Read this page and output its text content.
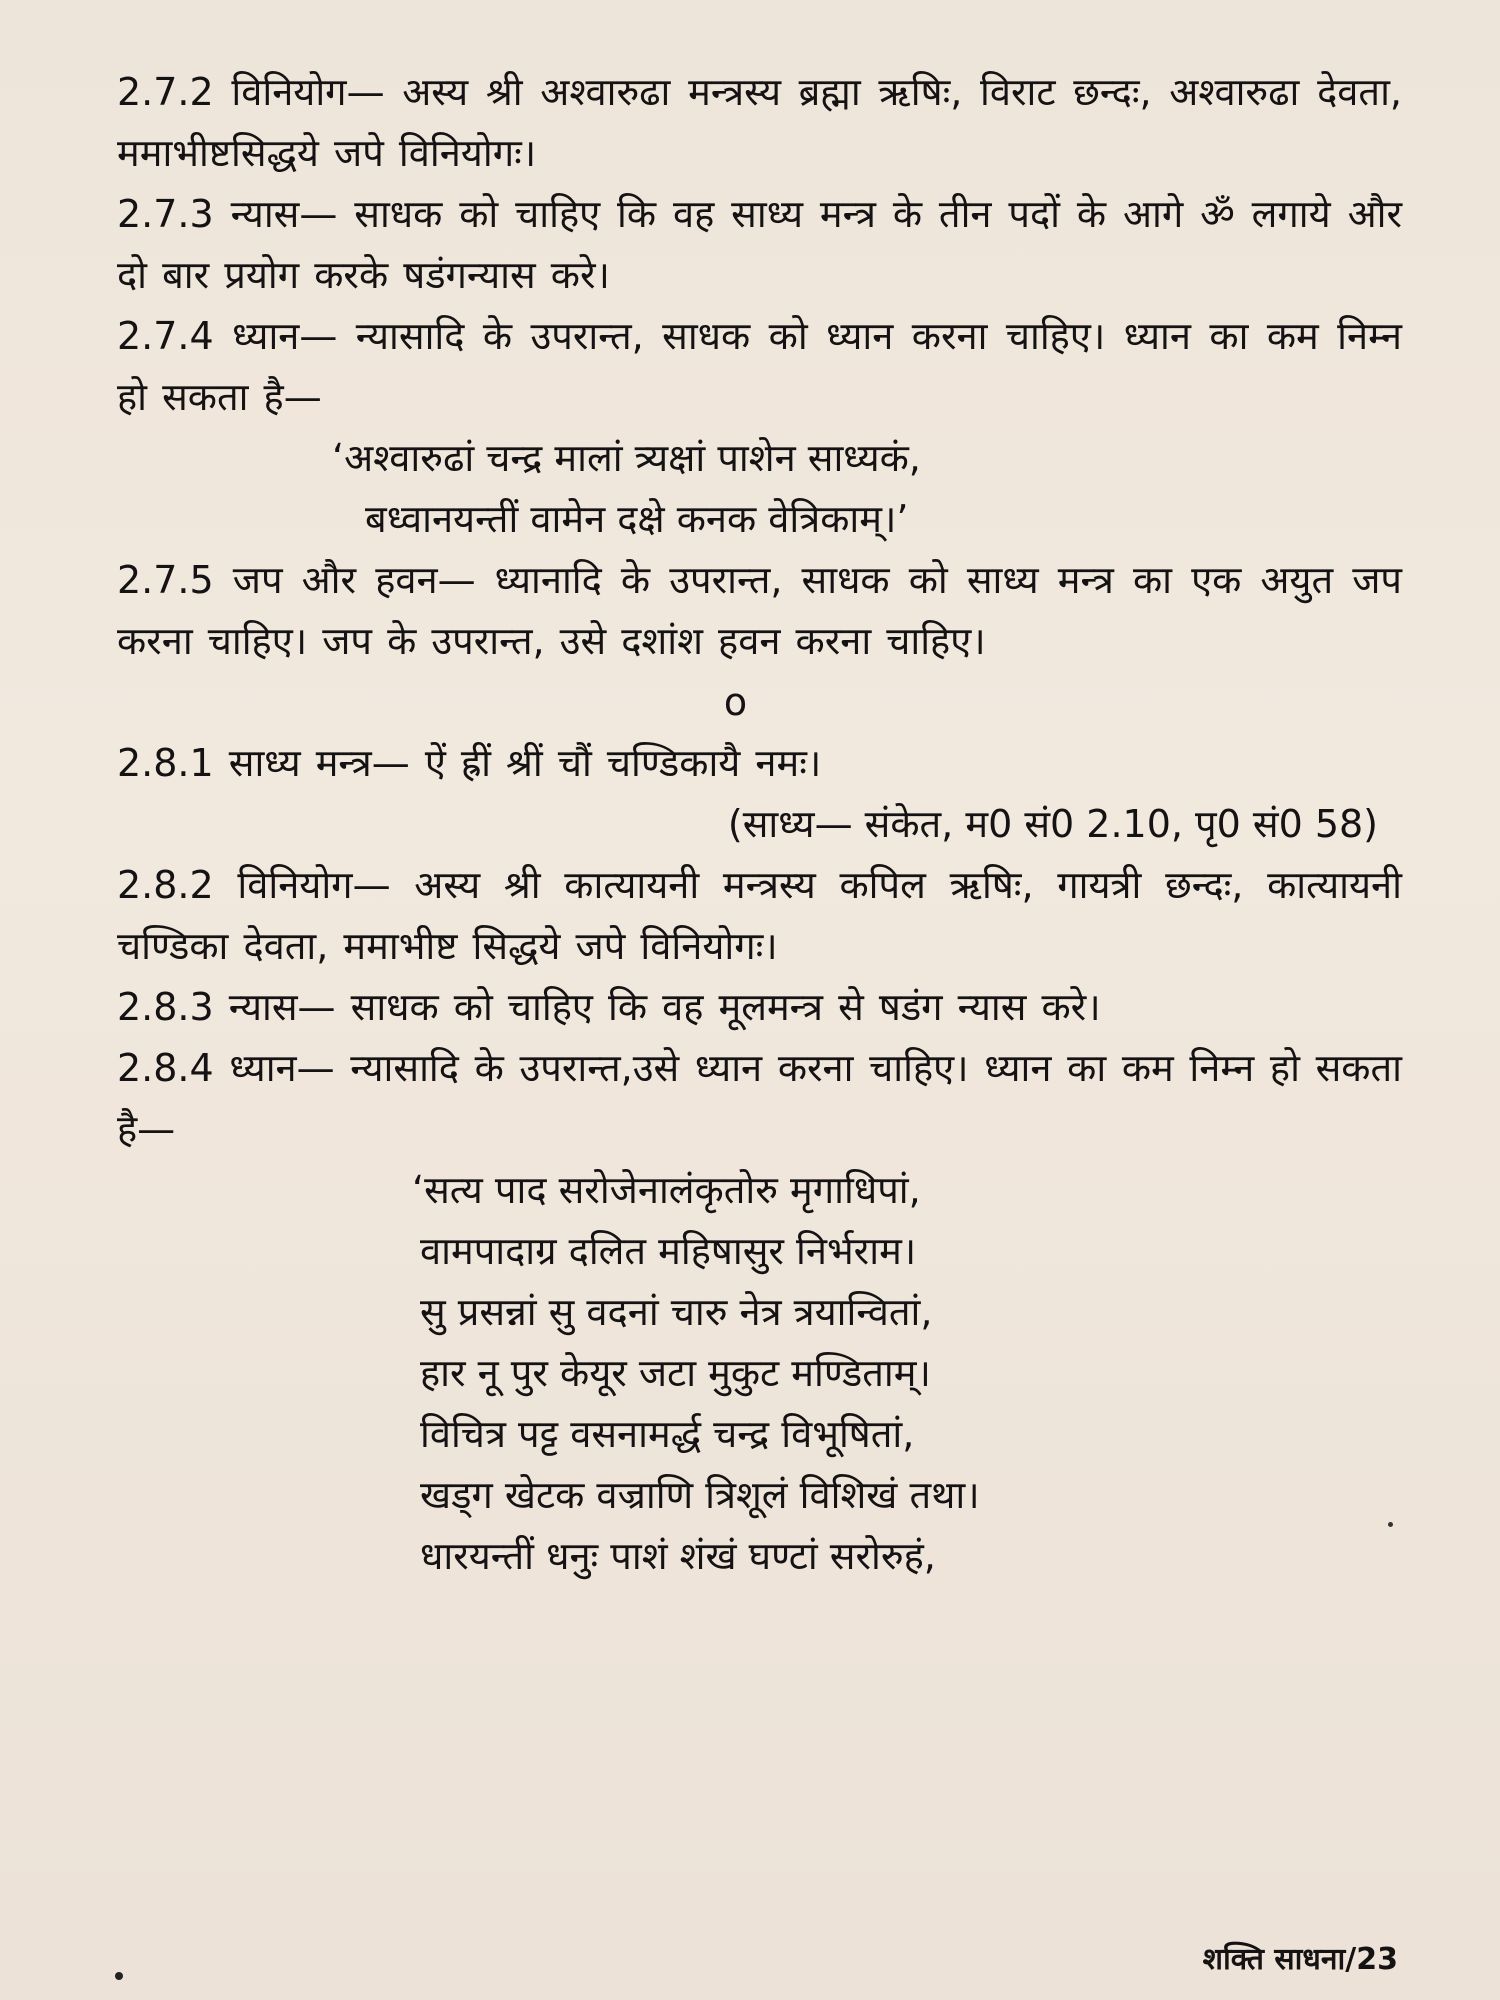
2.7.2 विनियोग— अस्य श्री अश्वारुढा मन्त्रस्य ब्रह्मा ऋषिः, विराट छन्दः, अश्वारुढा देवता, ममाभीष्टसिद्धये जपे विनियोगः।

2.7.3 न्यास— साधक को चाहिए कि वह साध्य मन्त्र के तीन पदों के आगे ॐ लगाये और दो बार प्रयोग करके षडंगन्यास करे।

2.7.4 ध्यान— न्यासादि के उपरान्त, साधक को ध्यान करना चाहिए। ध्यान का कम निम्न हो सकता है—

‘अश्वारुढां चन्द्र मालां त्र्यक्षां पाशेन साध्यकं,
बध्वानयन्तीं वामेन दक्षे कनक वेत्रिकाम्।’

2.7.5 जप और हवन— ध्यानादि के उपरान्त, साधक को साध्य मन्त्र का एक अयुत जप करना चाहिए। जप के उपरान्त, उसे दशांश हवन करना चाहिए।

o

2.8.1 साध्य मन्त्र— ऐं ह्रीं श्रीं चौं चण्डिकायै नमः।

(साध्य— संकेत, म0 सं0 2.10, पृ0 सं0 58)

2.8.2 विनियोग— अस्य श्री कात्यायनी मन्त्रस्य कपिल ऋषिः, गायत्री छन्दः, कात्यायनी चण्डिका देवता, ममाभीष्ट सिद्धये जपे विनियोगः।

2.8.3 न्यास— साधक को चाहिए कि वह मूलमन्त्र से षडंग न्यास करे।

2.8.4 ध्यान— न्यासादि के उपरान्त,उसे ध्यान करना चाहिए। ध्यान का कम निम्न हो सकता है—

‘सत्य पाद सरोजेनालंकृतोरु मृगाधिपां,
वामपादाग्र दलित महिषासुर निर्भराम।
सु प्रसन्नां सु वदनां चारु नेत्र त्रयान्वितां,
हार नू पुर केयूर जटा मुकुट मण्डिताम्।
विचित्र पट्ट वसनामर्द्ध चन्द्र विभूषितां,
खड्ग खेटक वज्राणि त्रिशूलं विशिखं तथा।
धारयन्तीं धनुः पाशं शंखं घण्टां सरोरुहं,
शक्ति साधना/23
